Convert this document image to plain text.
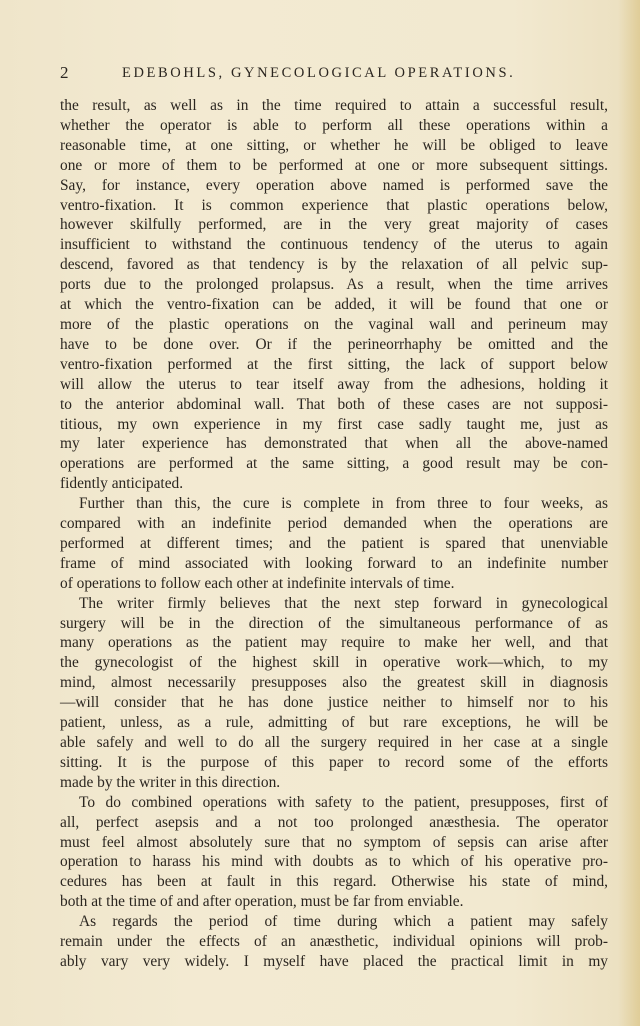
2	EDEBOHLS, GYNECOLOGICAL OPERATIONS.
the result, as well as in the time required to attain a successful result,
whether the operator is able to perform all these operations within a
reasonable time, at one sitting, or whether he will be obliged to leave
one or more of them to be performed at one or more subsequent sittings.
Say, for instance, every operation above named is performed save the
ventro-fixation. It is common experience that plastic operations below,
however skilfully performed, are in the very great majority of cases
insufficient to withstand the continuous tendency of the uterus to again
descend, favored as that tendency is by the relaxation of all pelvic sup-
ports due to the prolonged prolapsus. As a result, when the time arrives
at which the ventro-fixation can be added, it will be found that one or
more of the plastic operations on the vaginal wall and perineum may
have to be done over. Or if the perineorrhaphy be omitted and the
ventro-fixation performed at the first sitting, the lack of support below
will allow the uterus to tear itself away from the adhesions, holding it
to the anterior abdominal wall. That both of these cases are not supposi-
titious, my own experience in my first case sadly taught me, just as
my later experience has demonstrated that when all the above-named
operations are performed at the same sitting, a good result may be con-
fidently anticipated.
Further than this, the cure is complete in from three to four weeks, as
compared with an indefinite period demanded when the operations are
performed at different times; and the patient is spared that unenviable
frame of mind associated with looking forward to an indefinite number
of operations to follow each other at indefinite intervals of time.
The writer firmly believes that the next step forward in gynecological
surgery will be in the direction of the simultaneous performance of as
many operations as the patient may require to make her well, and that
the gynecologist of the highest skill in operative work—which, to my
mind, almost necessarily presupposes also the greatest skill in diagnosis
—will consider that he has done justice neither to himself nor to his
patient, unless, as a rule, admitting of but rare exceptions, he will be
able safely and well to do all the surgery required in her case at a single
sitting. It is the purpose of this paper to record some of the efforts
made by the writer in this direction.
To do combined operations with safety to the patient, presupposes, first of
all, perfect asepsis and a not too prolonged anæsthesia. The operator
must feel almost absolutely sure that no symptom of sepsis can arise after
operation to harass his mind with doubts as to which of his operative pro-
cedures has been at fault in this regard. Otherwise his state of mind,
both at the time of and after operation, must be far from enviable.
As regards the period of time during which a patient may safely
remain under the effects of an anæsthetic, individual opinions will prob-
ably vary very widely. I myself have placed the practical limit in my
